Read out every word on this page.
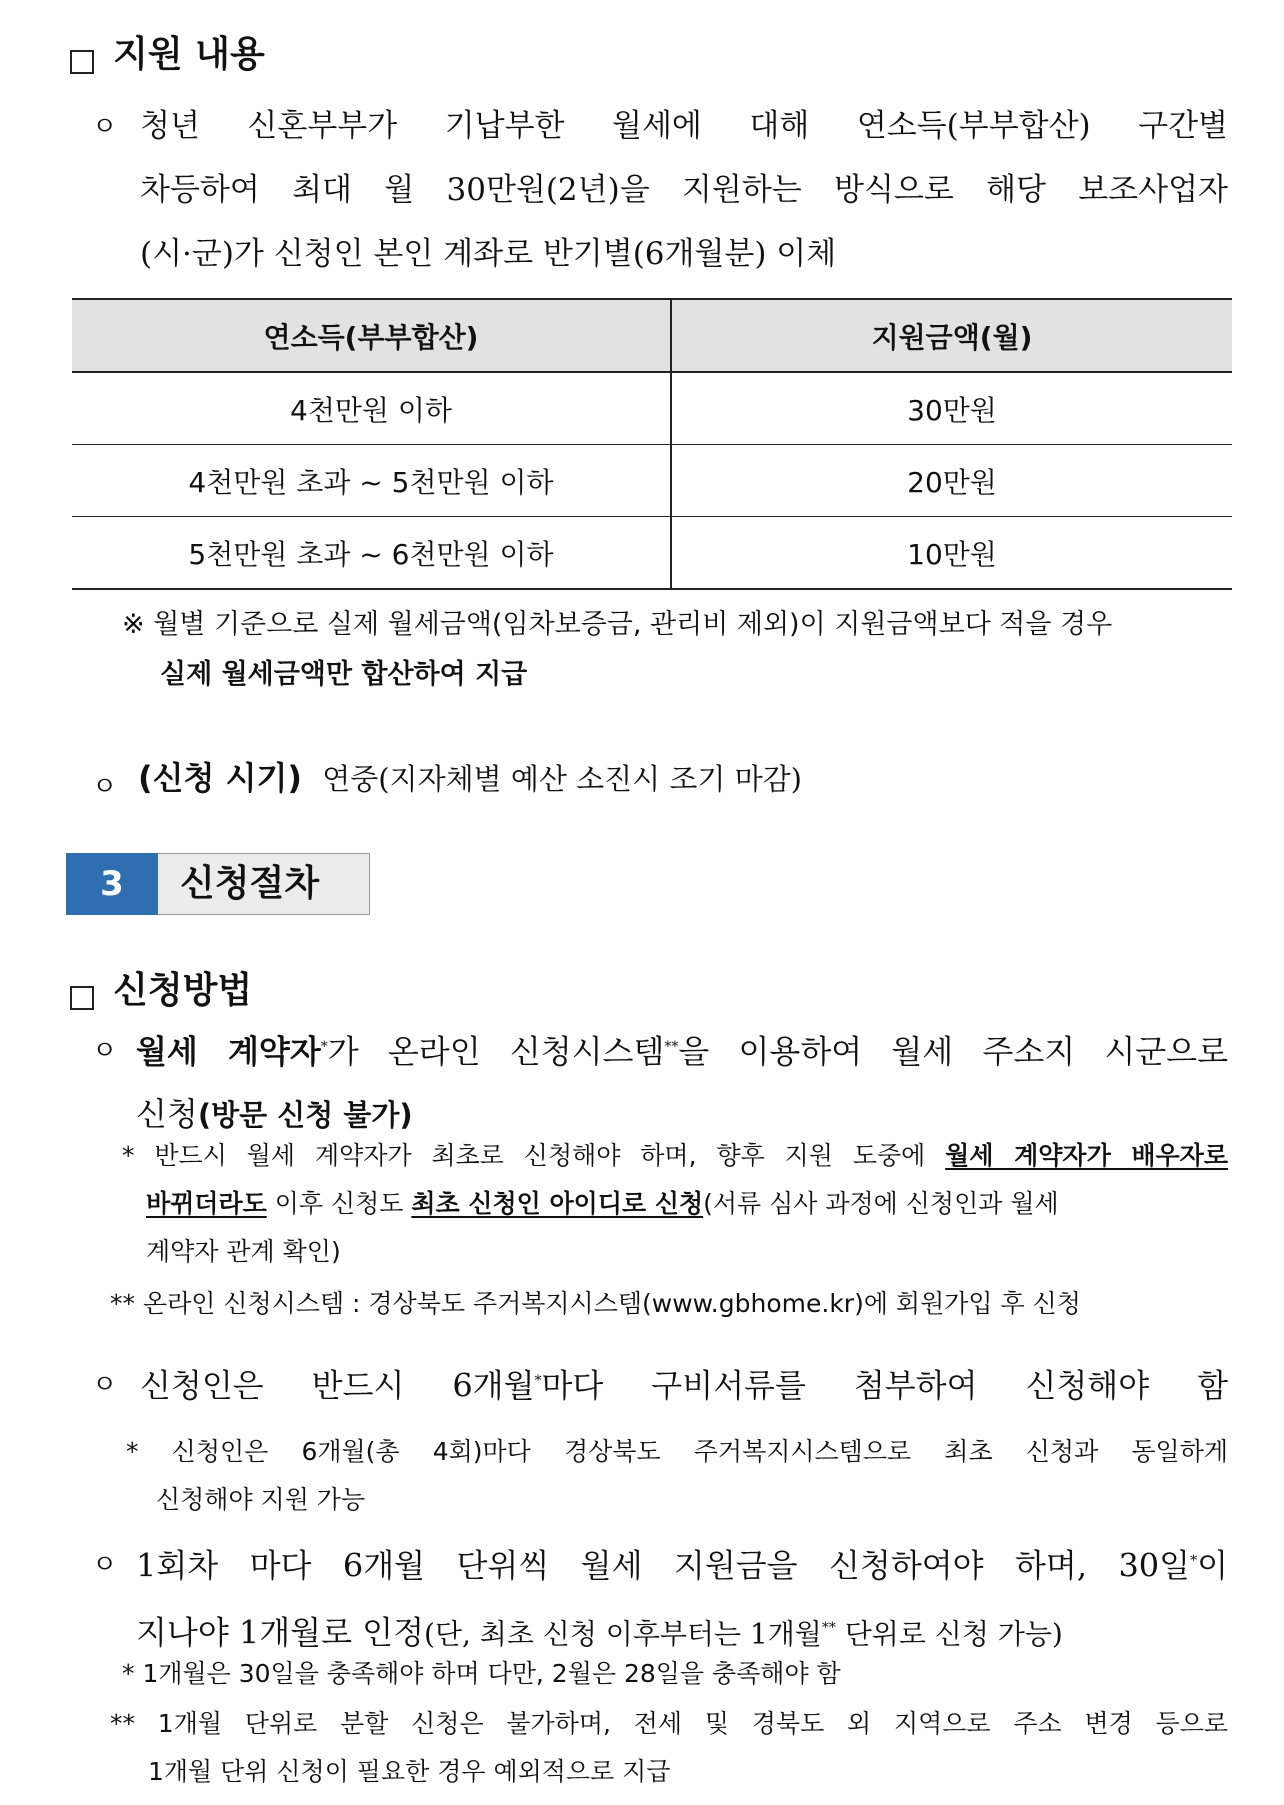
지원 내용
ㅇ 청년 신혼부부가 기납부한 월세에 대해 연소득(부부합산) 구간별
차등하여 최대 월 30만원(2년)을 지원하는 방식으로 해당 보조사업자
(시·군)가 신청인 본인 계좌로 반기별(6개월분) 이체
연소득(부부합산)	지원금액(월)
4천만원 이하	30만원
4천만원 초과 ~ 5천만원 이하	20만원
5천만원 초과 ~ 6천만원 이하	10만원
※ 월별 기준으로 실제 월세금액(임차보증금, 관리비 제외)이 지원금액보다 적을 경우
실제 월세금액만 합산하여 지급
ㅇ (신청 시기) 연중(지자체별 예산 소진시 조기 마감)
3	신청절차
신청방법
ㅇ 월세 계약자*가 온라인 신청시스템**을 이용하여 월세 주소지 시군으로
신청(방문 신청 불가)
* 반드시 월세 계약자가 최초로 신청해야 하며, 향후 지원 도중에 월세 계약자가 배우자로
바뀌더라도 이후 신청도 최초 신청인 아이디로 신청(서류 심사 과정에 신청인과 월세
계약자 관계 확인)
** 온라인 신청시스템 : 경상북도 주거복지시스템(www.gbhome.kr)에 회원가입 후 신청
ㅇ 신청인은 반드시 6개월*마다 구비서류를 첨부하여 신청해야 함
* 신청인은 6개월(총 4회)마다 경상북도 주거복지시스템으로 최초 신청과 동일하게
신청해야 지원 가능
ㅇ 1회차 마다 6개월 단위씩 월세 지원금을 신청하여야 하며, 30일*이
지나야 1개월로 인정(단, 최초 신청 이후부터는 1개월** 단위로 신청 가능)
* 1개월은 30일을 충족해야 하며 다만, 2월은 28일을 충족해야 함
** 1개월 단위로 분할 신청은 불가하며, 전세 및 경북도 외 지역으로 주소 변경 등으로
1개월 단위 신청이 필요한 경우 예외적으로 지급
